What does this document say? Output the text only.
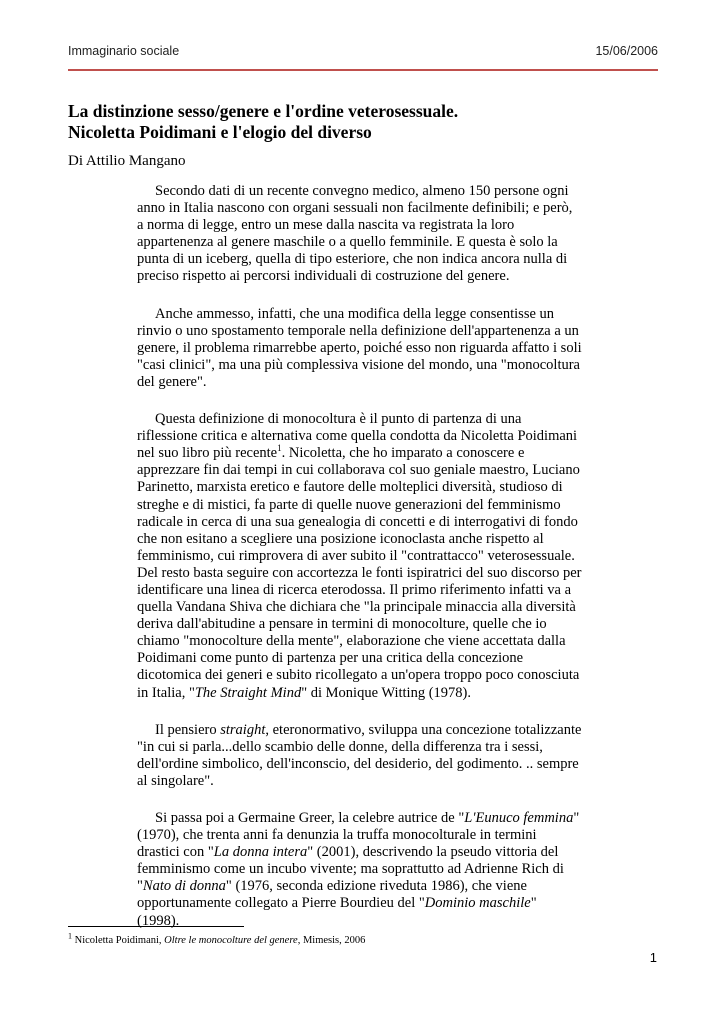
Immaginario sociale	15/06/2006
La distinzione sesso/genere e l'ordine veterosessuale.
Nicoletta Poidimani e l'elogio del diverso
Di Attilio Mangano

Secondo dati di un recente convegno medico, almeno 150 persone ogni
anno in Italia nascono con organi sessuali non facilmente definibili; e però,
a norma di legge, entro un mese dalla nascita va registrata la loro
appartenenza al genere maschile o a quello femminile. E questa è solo la
punta di un iceberg, quella di tipo esteriore, che non indica ancora nulla di
preciso rispetto ai percorsi individuali di costruzione del genere.

Anche ammesso, infatti, che una modifica della legge consentisse un
rinvio o uno spostamento temporale nella definizione dell'appartenenza a un
genere, il problema rimarrebbe aperto, poiché esso non riguarda affatto i soli
"casi clinici", ma una più complessiva visione del mondo, una "monocoltura
del genere".

Questa definizione di monocoltura è il punto di partenza di una
riflessione critica e alternativa come quella condotta da Nicoletta Poidimani
nel suo libro più recente$^1$. Nicoletta, che ho imparato a conoscere e
apprezzare fin dai tempi in cui collaborava col suo geniale maestro, Luciano
Parinetto, marxista eretico e fautore delle molteplici diversità, studioso di
streghe e di mistici, fa parte di quelle nuove generazioni del femminismo
radicale in cerca di una sua genealogia di concetti e di interrogativi di fondo
che non esitano a scegliere una posizione iconoclasta anche rispetto al
femminismo, cui rimprovera di aver subito il "contrattacco" veterosessuale.
Del resto basta seguire con accortezza le fonti ispiratrici del suo discorso per
identificare una linea di ricerca eterodossa. Il primo riferimento infatti va a
quella Vandana Shiva che dichiara che "la principale minaccia alla diversità
deriva dall'abitudine a pensare in termini di monocolture, quelle che io
chiamo "monocolture della mente", elaborazione che viene accettata dalla
Poidimani come punto di partenza per una critica della concezione
dicotomica dei generi e subito ricollegato a un'opera troppo poco conosciuta
in Italia, "The Straight Mind" di Monique Witting (1978).

Il pensiero straight, eteronormativo, sviluppa una concezione totalizzante
"in cui si parla...dello scambio delle donne, della differenza tra i sessi,
dell'ordine simbolico, dell'inconscio, del desiderio, del godimento. .. sempre
al singolare".

Si passa poi a Germaine Greer, la celebre autrice de "L'Eunuco femmina"
(1970), che trenta anni fa denunzia la truffa monocolturale in termini
drastici con "La donna intera" (2001), descrivendo la pseudo vittoria del
femminismo come un incubo vivente; ma soprattutto ad Adrienne Rich di
"Nato di donna" (1976, seconda edizione riveduta 1986), che viene
opportunamente collegato a Pierre Bourdieu del "Dominio maschile"
(1998).

$^1$ Nicoletta Poidimani, Oltre le monocolture del genere, Mimesis, 2006
1
